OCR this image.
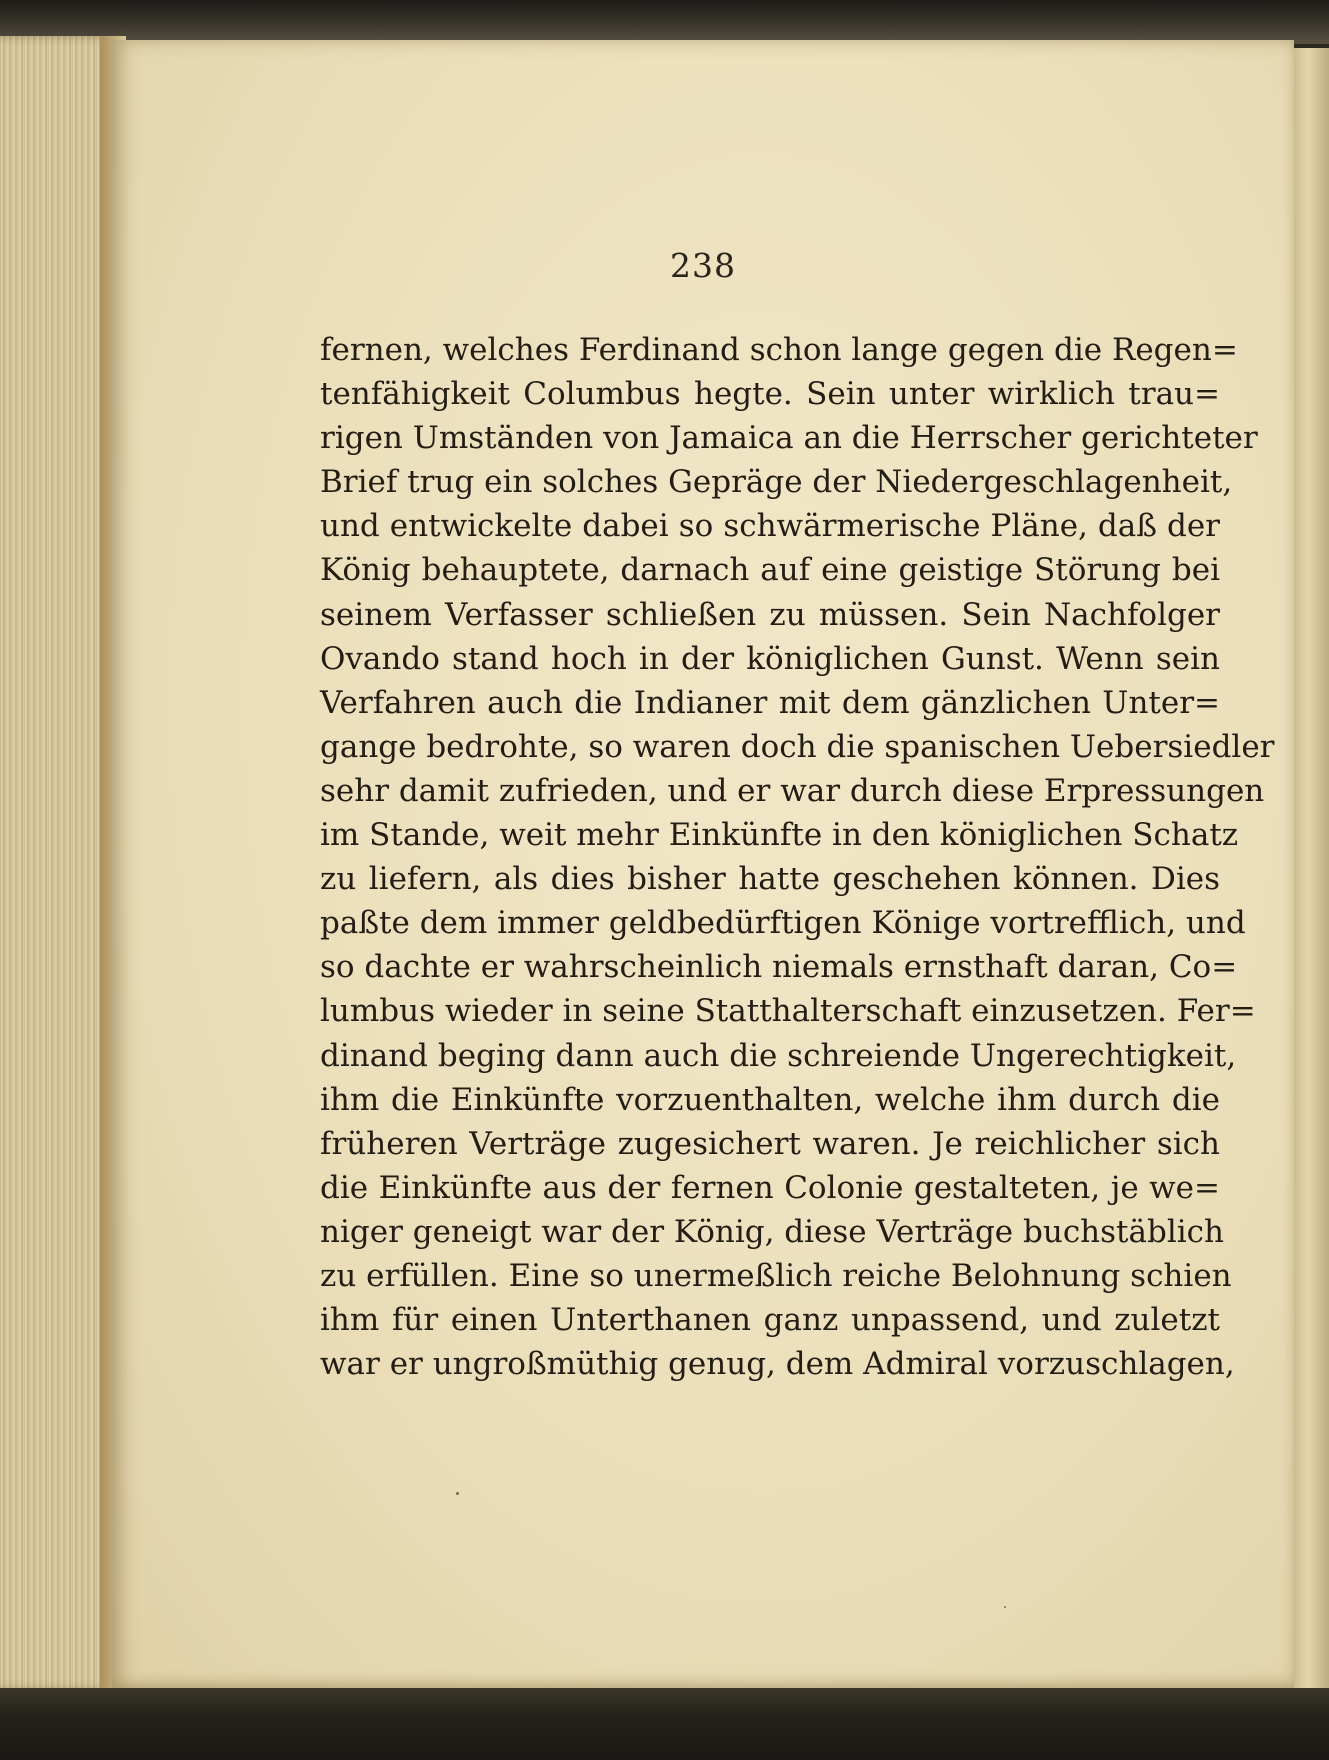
238
fernen, welches Ferdinand schon lange gegen die Regen=
tenfähigkeit Columbus hegte. Sein unter wirklich trau=
rigen Umständen von Jamaica an die Herrscher gerichteter
Brief trug ein solches Gepräge der Niedergeschlagenheit,
und entwickelte dabei so schwärmerische Pläne, daß der
König behauptete, darnach auf eine geistige Störung bei
seinem Verfasser schließen zu müssen. Sein Nachfolger
Ovando stand hoch in der königlichen Gunst. Wenn sein
Verfahren auch die Indianer mit dem gänzlichen Unter=
gange bedrohte, so waren doch die spanischen Uebersiedler
sehr damit zufrieden, und er war durch diese Erpressungen
im Stande, weit mehr Einkünfte in den königlichen Schatz
zu liefern, als dies bisher hatte geschehen können. Dies
paßte dem immer geldbedürftigen Könige vortrefflich, und
so dachte er wahrscheinlich niemals ernsthaft daran, Co=
lumbus wieder in seine Statthalterschaft einzusetzen. Fer=
dinand beging dann auch die schreiende Ungerechtigkeit,
ihm die Einkünfte vorzuenthalten, welche ihm durch die
früheren Verträge zugesichert waren. Je reichlicher sich
die Einkünfte aus der fernen Colonie gestalteten, je we=
niger geneigt war der König, diese Verträge buchstäblich
zu erfüllen. Eine so unermeßlich reiche Belohnung schien
ihm für einen Unterthanen ganz unpassend, und zuletzt
war er ungroßmüthig genug, dem Admiral vorzuschlagen,
